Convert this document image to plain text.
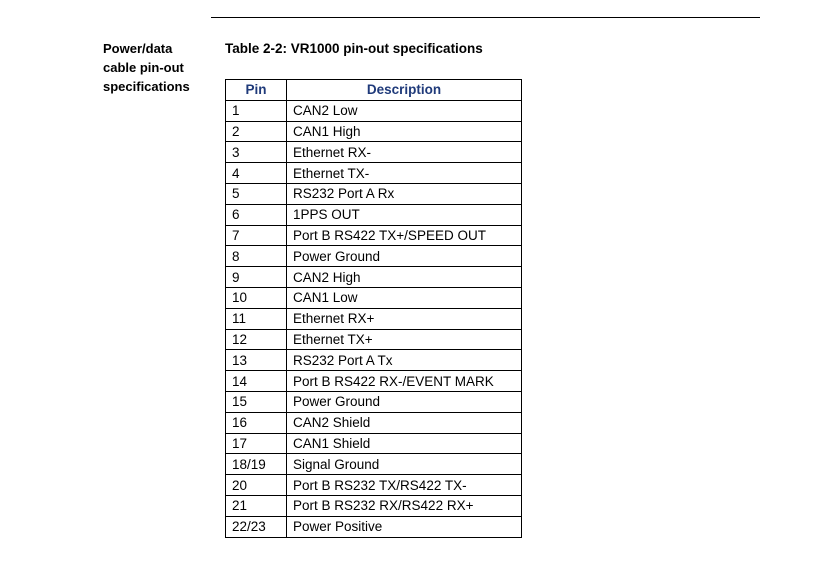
Power/data cable pin-out specifications
Table 2-2: VR1000 pin-out specifications
Pin	Description
1	CAN2 Low
2	CAN1 High
3	Ethernet RX-
4	Ethernet TX-
5	RS232 Port A Rx
6	1PPS OUT
7	Port B RS422 TX+/SPEED OUT
8	Power Ground
9	CAN2 High
10	CAN1 Low
11	Ethernet RX+
12	Ethernet TX+
13	RS232 Port A Tx
14	Port B RS422 RX-/EVENT MARK
15	Power Ground
16	CAN2 Shield
17	CAN1 Shield
18/19	Signal Ground
20	Port B RS232 TX/RS422 TX-
21	Port B RS232 RX/RS422 RX+
22/23	Power Positive
